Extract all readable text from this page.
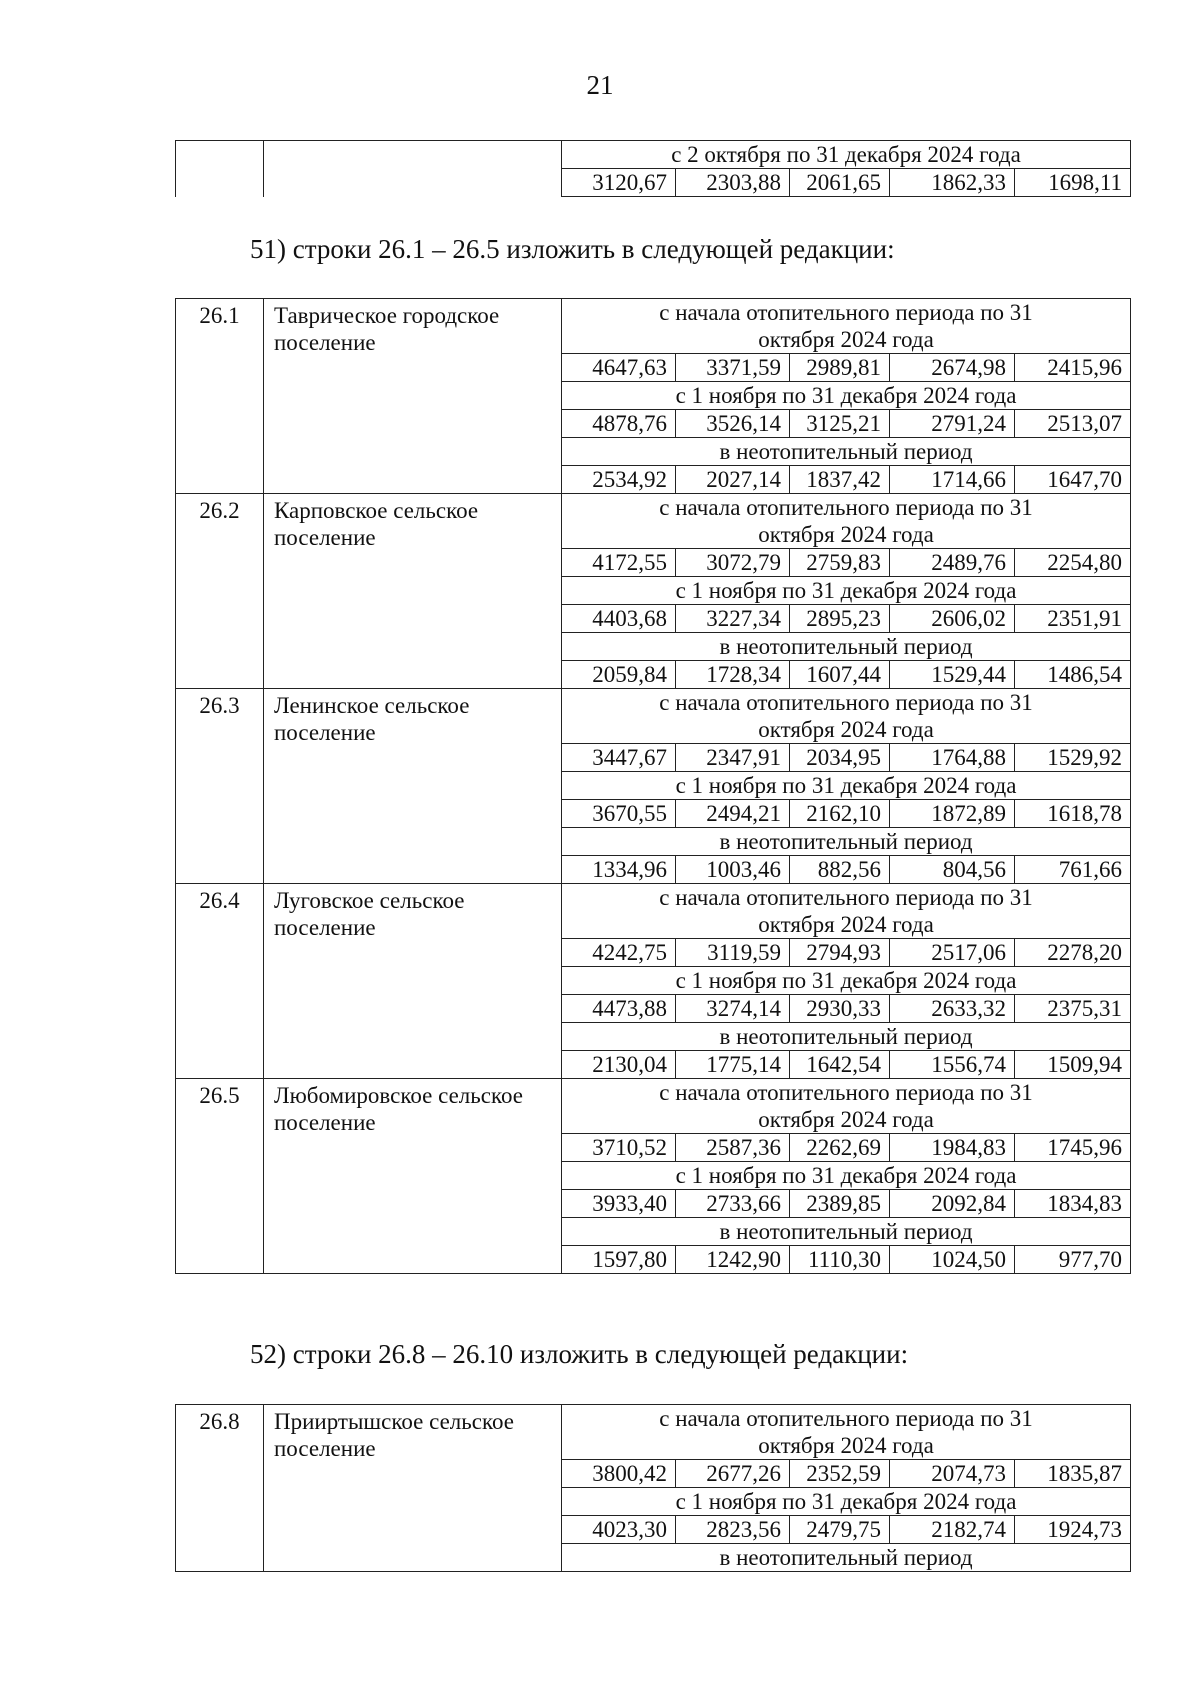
21
		с 2 октября по 31 декабря 2024 года				
		3120,67	2303,88	2061,65	1862,33	1698,11
51) строки 26.1 – 26.5 изложить в следующей редакции:
26.1	Таврическое городское поселение	с начала отопительного периода по 31 октября 2024 года				
		4647,63	3371,59	2989,81	2674,98	2415,96
		с 1 ноября по 31 декабря 2024 года				
		4878,76	3526,14	3125,21	2791,24	2513,07
		в неотопительный период				
		2534,92	2027,14	1837,42	1714,66	1647,70
26.2	Карповское сельское поселение	с начала отопительного периода по 31 октября 2024 года				
		4172,55	3072,79	2759,83	2489,76	2254,80
		с 1 ноября по 31 декабря 2024 года				
		4403,68	3227,34	2895,23	2606,02	2351,91
		в неотопительный период				
		2059,84	1728,34	1607,44	1529,44	1486,54
26.3	Ленинское сельское поселение	с начала отопительного периода по 31 октября 2024 года				
		3447,67	2347,91	2034,95	1764,88	1529,92
		с 1 ноября по 31 декабря 2024 года				
		3670,55	2494,21	2162,10	1872,89	1618,78
		в неотопительный период				
		1334,96	1003,46	882,56	804,56	761,66
26.4	Луговское сельское поселение	с начала отопительного периода по 31 октября 2024 года				
		4242,75	3119,59	2794,93	2517,06	2278,20
		с 1 ноября по 31 декабря 2024 года				
		4473,88	3274,14	2930,33	2633,32	2375,31
		в неотопительный период				
		2130,04	1775,14	1642,54	1556,74	1509,94
26.5	Любомировское сельское поселение	с начала отопительного периода по 31 октября 2024 года				
		3710,52	2587,36	2262,69	1984,83	1745,96
		с 1 ноября по 31 декабря 2024 года				
		3933,40	2733,66	2389,85	2092,84	1834,83
		в неотопительный период				
		1597,80	1242,90	1110,30	1024,50	977,70
52) строки 26.8 – 26.10 изложить в следующей редакции:
26.8	Прииртышское сельское поселение	с начала отопительного периода по 31 октября 2024 года				
		3800,42	2677,26	2352,59	2074,73	1835,87
		с 1 ноября по 31 декабря 2024 года				
		4023,30	2823,56	2479,75	2182,74	1924,73
		в неотопительный период				
